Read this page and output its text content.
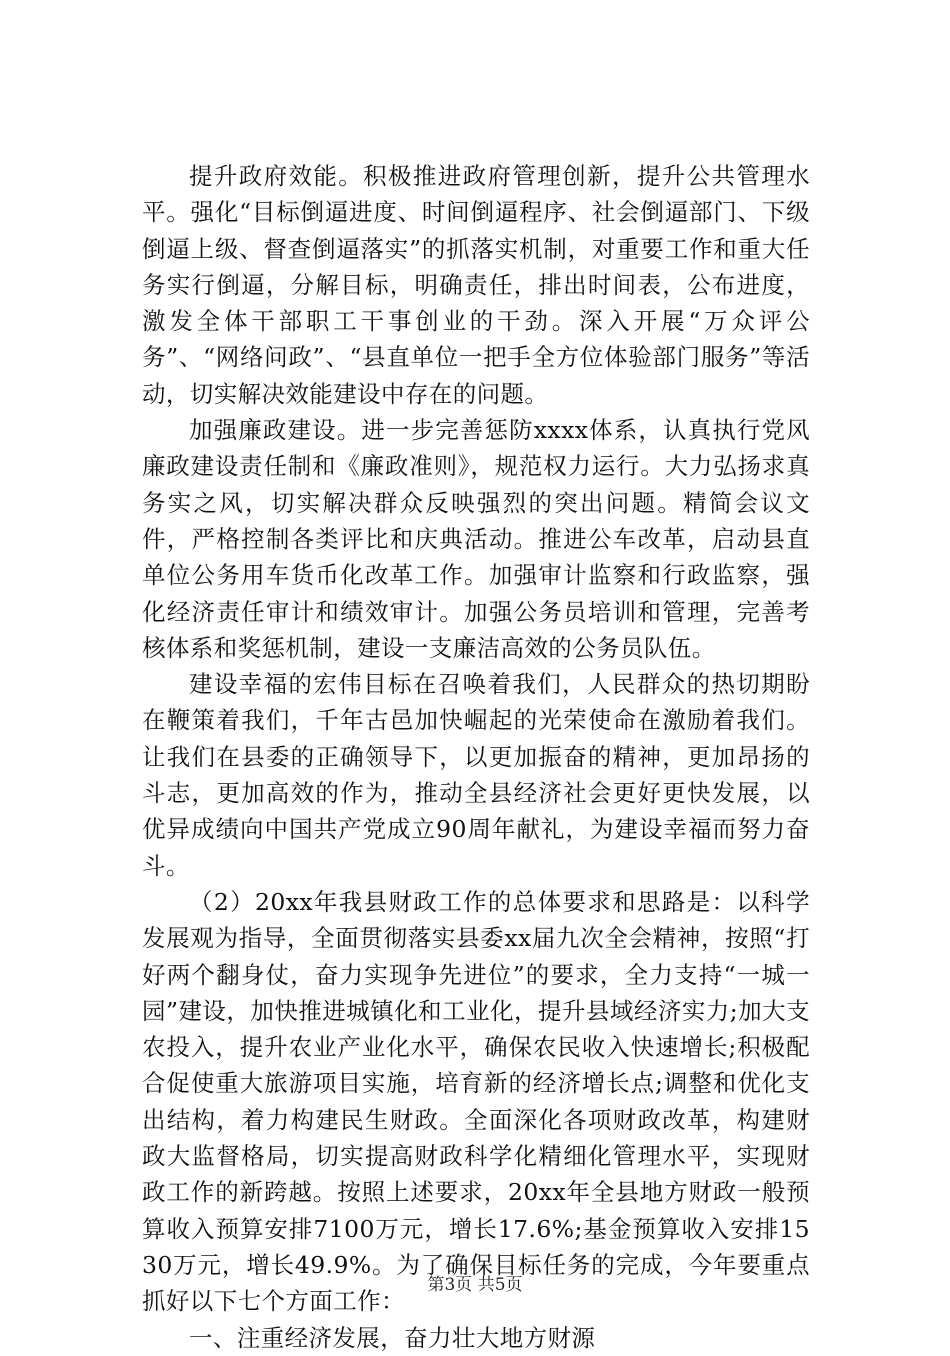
提升政府效能。积极推进政府管理创新，提升公共管理水平。强化“目标倒逼进度、时间倒逼程序、社会倒逼部门、下级倒逼上级、督查倒逼落实”的抓落实机制，对重要工作和重大任务实行倒逼，分解目标，明确责任，排出时间表，公布进度，激发全体干部职工干事创业的干劲。深入开展“万众评公务”、“网络问政”、“县直单位一把手全方位体验部门服务”等活动，切实解决效能建设中存在的问题。

加强廉政建设。进一步完善惩防xxxx体系，认真执行党风廉政建设责任制和《廉政准则》，规范权力运行。大力弘扬求真务实之风，切实解决群众反映强烈的突出问题。精简会议文件，严格控制各类评比和庆典活动。推进公车改革，启动县直单位公务用车货币化改革工作。加强审计监察和行政监察，强化经济责任审计和绩效审计。加强公务员培训和管理，完善考核体系和奖惩机制，建设一支廉洁高效的公务员队伍。

建设幸福的宏伟目标在召唤着我们，人民群众的热切期盼在鞭策着我们，千年古邑加快崛起的光荣使命在激励着我们。让我们在县委的正确领导下，以更加振奋的精神，更加昂扬的斗志，更加高效的作为，推动全县经济社会更好更快发展，以优异成绩向中国共产党成立90周年献礼，为建设幸福而努力奋斗。

（2）20xx年我县财政工作的总体要求和思路是：以科学发展观为指导，全面贯彻落实县委xx届九次全会精神，按照“打好两个翻身仗，奋力实现争先进位”的要求，全力支持“一城一园”建设，加快推进城镇化和工业化，提升县域经济实力;加大支农投入，提升农业产业化水平，确保农民收入快速增长;积极配合促使重大旅游项目实施，培育新的经济增长点;调整和优化支出结构，着力构建民生财政。全面深化各项财政改革，构建财政大监督格局，切实提高财政科学化精细化管理水平，实现财政工作的新跨越。按照上述要求，20xx年全县地方财政一般预算收入预算安排7100万元，增长17.6%;基金预算收入安排1530万元，增长49.9%。为了确保目标任务的完成，今年要重点抓好以下七个方面工作：

一、注重经济发展，奋力壮大地方财源

第3页 共5页
